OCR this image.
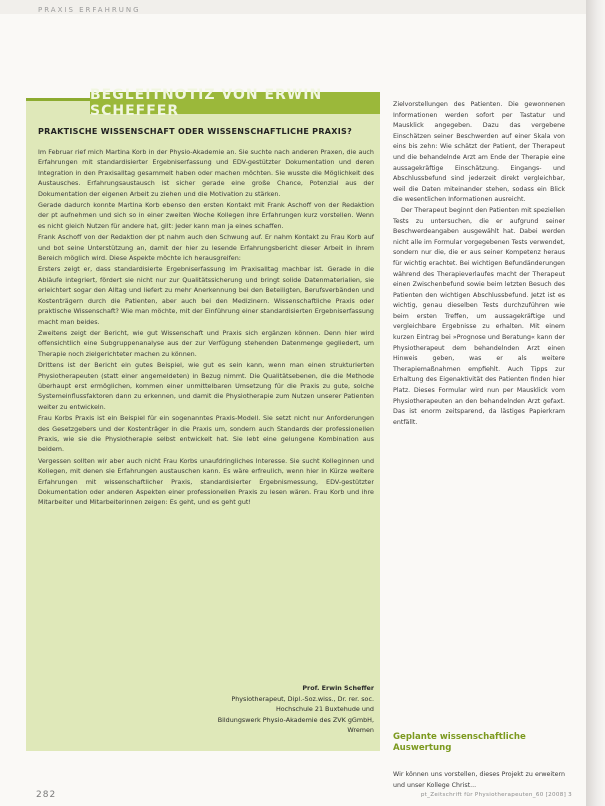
PRAXIS ERFAHRUNG
BEGLEITNOTIZ VON ERWIN SCHEFFER
PRAKTISCHE WISSENSCHAFT ODER WISSENSCHAFTLICHE PRAXIS?

Im Februar rief mich Martina Korb in der Physio-Akademie an. Sie suchte nach anderen Praxen, die auch Erfahrungen mit standardisierter Ergebniserfassung und EDV-gestützter Dokumentation und deren Integration in den Praxisalltag gesammelt haben oder machen möchten. Sie wusste die Möglichkeit des Austausches. Erfahrungsaustausch ist sicher gerade eine große Chance, Potenzial aus der Dokumentation der eigenen Arbeit zu ziehen und die Motivation zu stärken.

Gerade dadurch konnte Martina Korb ebenso den ersten Kontakt mit Frank Aschoff von der Redaktion der pt aufnehmen und sich so in einer zweiten Woche Kollegen ihre Erfahrungen kurz vorstellen. Wenn es nicht gleich Nutzen für andere hat, gilt: Jeder kann man ja eines schaffen.

Frank Aschoff von der Redaktion der pt nahm auch den Schwung auf. Er nahm Kontakt zu Frau Korb auf und bot seine Unterstützung an, damit der hier zu lesende Erfahrungsbericht dieser Arbeit in ihrem Bereich möglich wird. Diese Aspekte möchte ich herausgreifen:

Ersters zeigt er, dass standardisierte Ergebniserfassung im Praxisalltag machbar ist. Gerade in die Abläufe integriert, fördert sie nicht nur zur Qualitätssicherung und bringt solide Datenmaterialien, sie erleichtert sogar den Alltag und liefert zu mehr Anerkennung bei den Beteiligten, Berufsverbänden und Kostenträgern durch die Patienten, aber auch bei den Medizinern. Wissenschaftliche Praxis oder praktische Wissenschaft? Wie man möchte, mit der Einführung einer standardisierten Ergebniserfassung macht man beides.

Zweitens zeigt der Bericht, wie gut Wissenschaft und Praxis sich ergänzen können. Denn hier wird offensichtlich eine Subgruppenanalyse aus der zur Verfügung stehenden Datenmenge gegliedert, um Therapie noch zielgerichteter machen zu können.

Drittens ist der Bericht ein gutes Beispiel, wie gut es sein kann, wenn man einen strukturierten Physiotherapeuten (statt einer angemeldeten) in Bezug nimmt. Die Qualitätsebenen, die die Methode überhaupt erst ermöglichen, kommen einer unmittelbaren Umsetzung für die Praxis zu gute, solche Systemeinflussfaktoren dann zu erkennen, und damit die Physiotherapie zum Nutzen unserer Patienten weiter zu entwickeln.

Frau Korbs Praxis ist ein Beispiel für ein sogenanntes Praxis-Modell. Sie setzt nicht nur Anforderungen des Gesetzgebers und der Kostenträger in die Praxis um, sondern auch Standards der professionellen Praxis, wie sie die Physiotherapie selbst entwickelt hat. Sie lebt eine gelungene Kombination aus beidem.

Vergessen sollten wir aber auch nicht Frau Korbs unaufdringliches Interesse. Sie sucht Kolleginnen und Kollegen, mit denen sie Erfahrungen austauschen kann. Es wäre erfreulich, wenn hier in Kürze weitere Erfahrungen mit wissenschaftlicher Praxis, standardisierter Ergebnismessung, EDV-gestützter Dokumentation oder anderen Aspekten einer professionellen Praxis zu lesen wären. Frau Korb und ihre Mitarbeiter und Mitarbeiterinnen zeigen: Es geht, und es geht gut!

Prof. Erwin Scheffer
Physiotherapeut, Dipl.-Soz.wiss., Dr. rer. soc.
Hochschule 21 Buxtehude und
Bildungswerk Physio-Akademie des ZVK gGmbH, Wremen

Zielvorstellungen des Patienten. Die gewonnenen Informationen werden sofort per Tastatur und Mausklick angegeben. Dazu das vergebene Einschätzen seiner Beschwerden auf einer Skala von eins bis zehn: Wie schätzt der Patient, der Therapeut und die behandelnde Arzt am Ende der Therapie eine aussagekräftige Einschätzung. Eingangs- und Abschlussbefund sind jederzeit direkt vergleichbar, weil die Daten miteinander stehen, sodass ein Blick die wesentlichen Informationen ausreicht.

Der Therapeut beginnt den Patienten mit speziellen Tests zu untersuchen, die er aufgrund seiner Beschwerdeangaben ausgewählt hat. Dabei werden nicht alle im Formular vorgegebenen Tests verwendet, sondern nur die, die er aus seiner Kompetenz heraus für wichtig erachtet. Bei wichtigen Befundänderungen während des Therapieverlaufes macht der Therapeut einen Zwischenbefund sowie beim letzten Besuch des Patienten den wichtigen Abschlussbefund. Jetzt ist es wichtig, genau dieselben Tests durchzuführen wie beim ersten Treffen, um aussagekräftige und vergleichbare Ergebnisse zu erhalten. Mit einem kurzen Eintrag bei »Prognose und Beratung« kann der Physiotherapeut dem behandelnden Arzt einen Hinweis geben, was er als weitere Therapiemaßnahmen empfiehlt. Auch Tipps zur Erhaltung des Eigenaktivität des Patienten finden hier Platz. Dieses Formular wird nun per Mausklick vom Physiotherapeuten an den behandelnden Arzt gefaxt. Das ist enorm zeitsparend, da lästiges Papierkram entfällt.

Geplante wissenschaftliche Auswertung
Wir können uns vorstellen, dieses Projekt zu erweitern und unser Kollege Christ...
282	pt_Zeitschrift für Physiotherapeuten_60 [2008] 3
